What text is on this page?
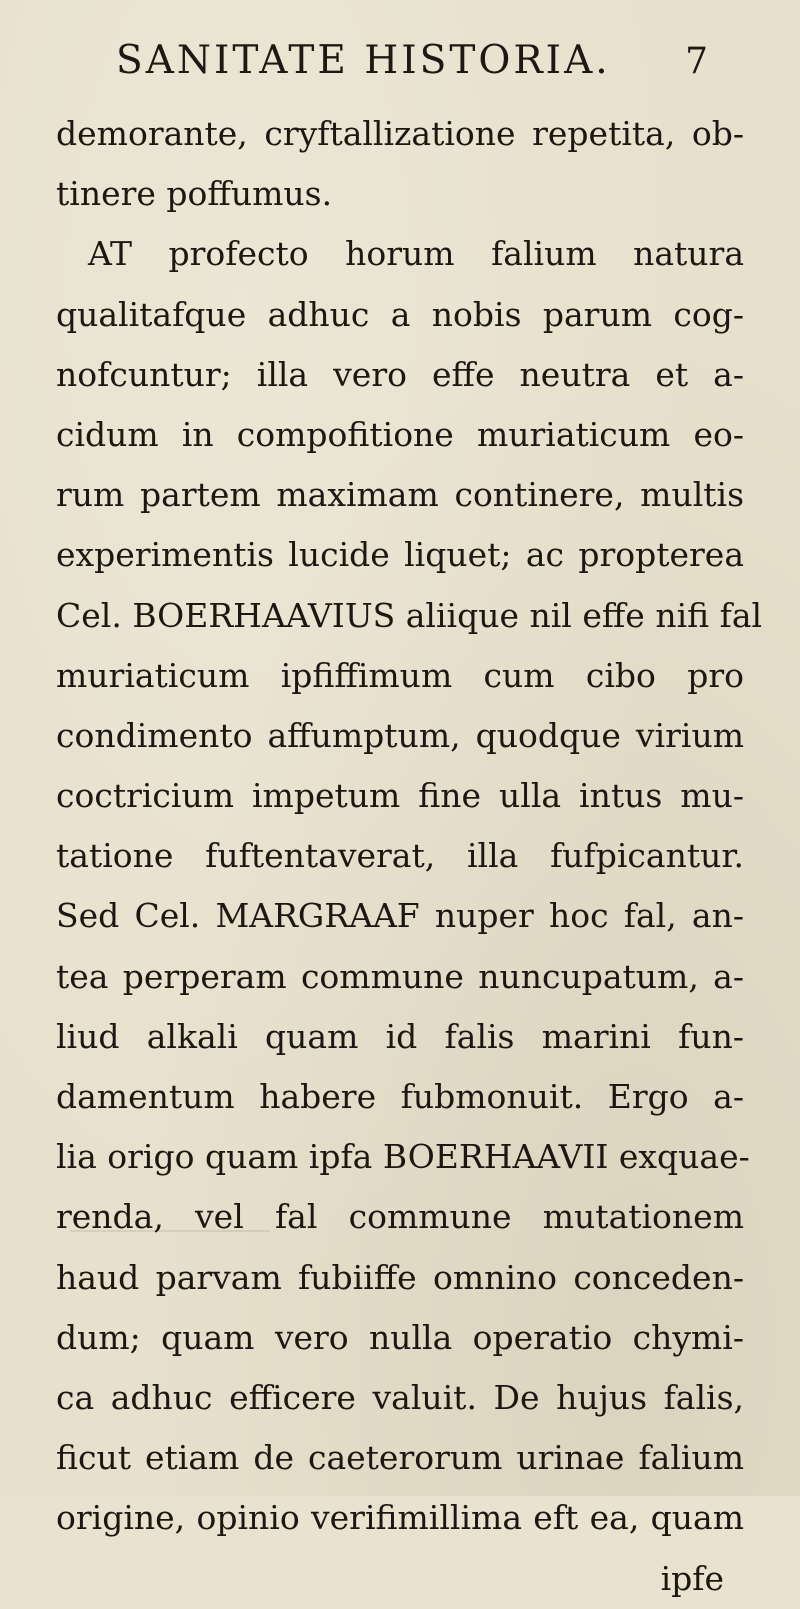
SANITATE HISTORIA. 7
demorante, cryftallizatione repetita, ob-
tinere poffumus.
AT profecto horum falium natura
qualitafque adhuc a nobis parum cog-
nofcuntur; illa vero effe neutra et a-
cidum in compofitione muriaticum eo-
rum partem maximam continere, multis
experimentis lucide liquet; ac propterea
Cel. BOERHAAVIUS aliique nil effe nifi fal
muriaticum ipfiffimum cum cibo pro
condimento affumptum, quodque virium
coctricium impetum fine ulla intus mu-
tatione fuftentaverat, illa fufpicantur.
Sed Cel. MARGRAAF nuper hoc fal, an-
tea perperam commune nuncupatum, a-
liud alkali quam id falis marini fun-
damentum habere fubmonuit. Ergo a-
lia origo quam ipfa BOERHAAVII exquae-
renda, vel fal commune mutationem
haud parvam fubiiffe omnino conceden-
dum; quam vero nulla operatio chymi-
ca adhuc efficere valuit. De hujus falis,
ficut etiam de caeterorum urinae falium
origine, opinio verifimillima eft ea, quam
ipfe
